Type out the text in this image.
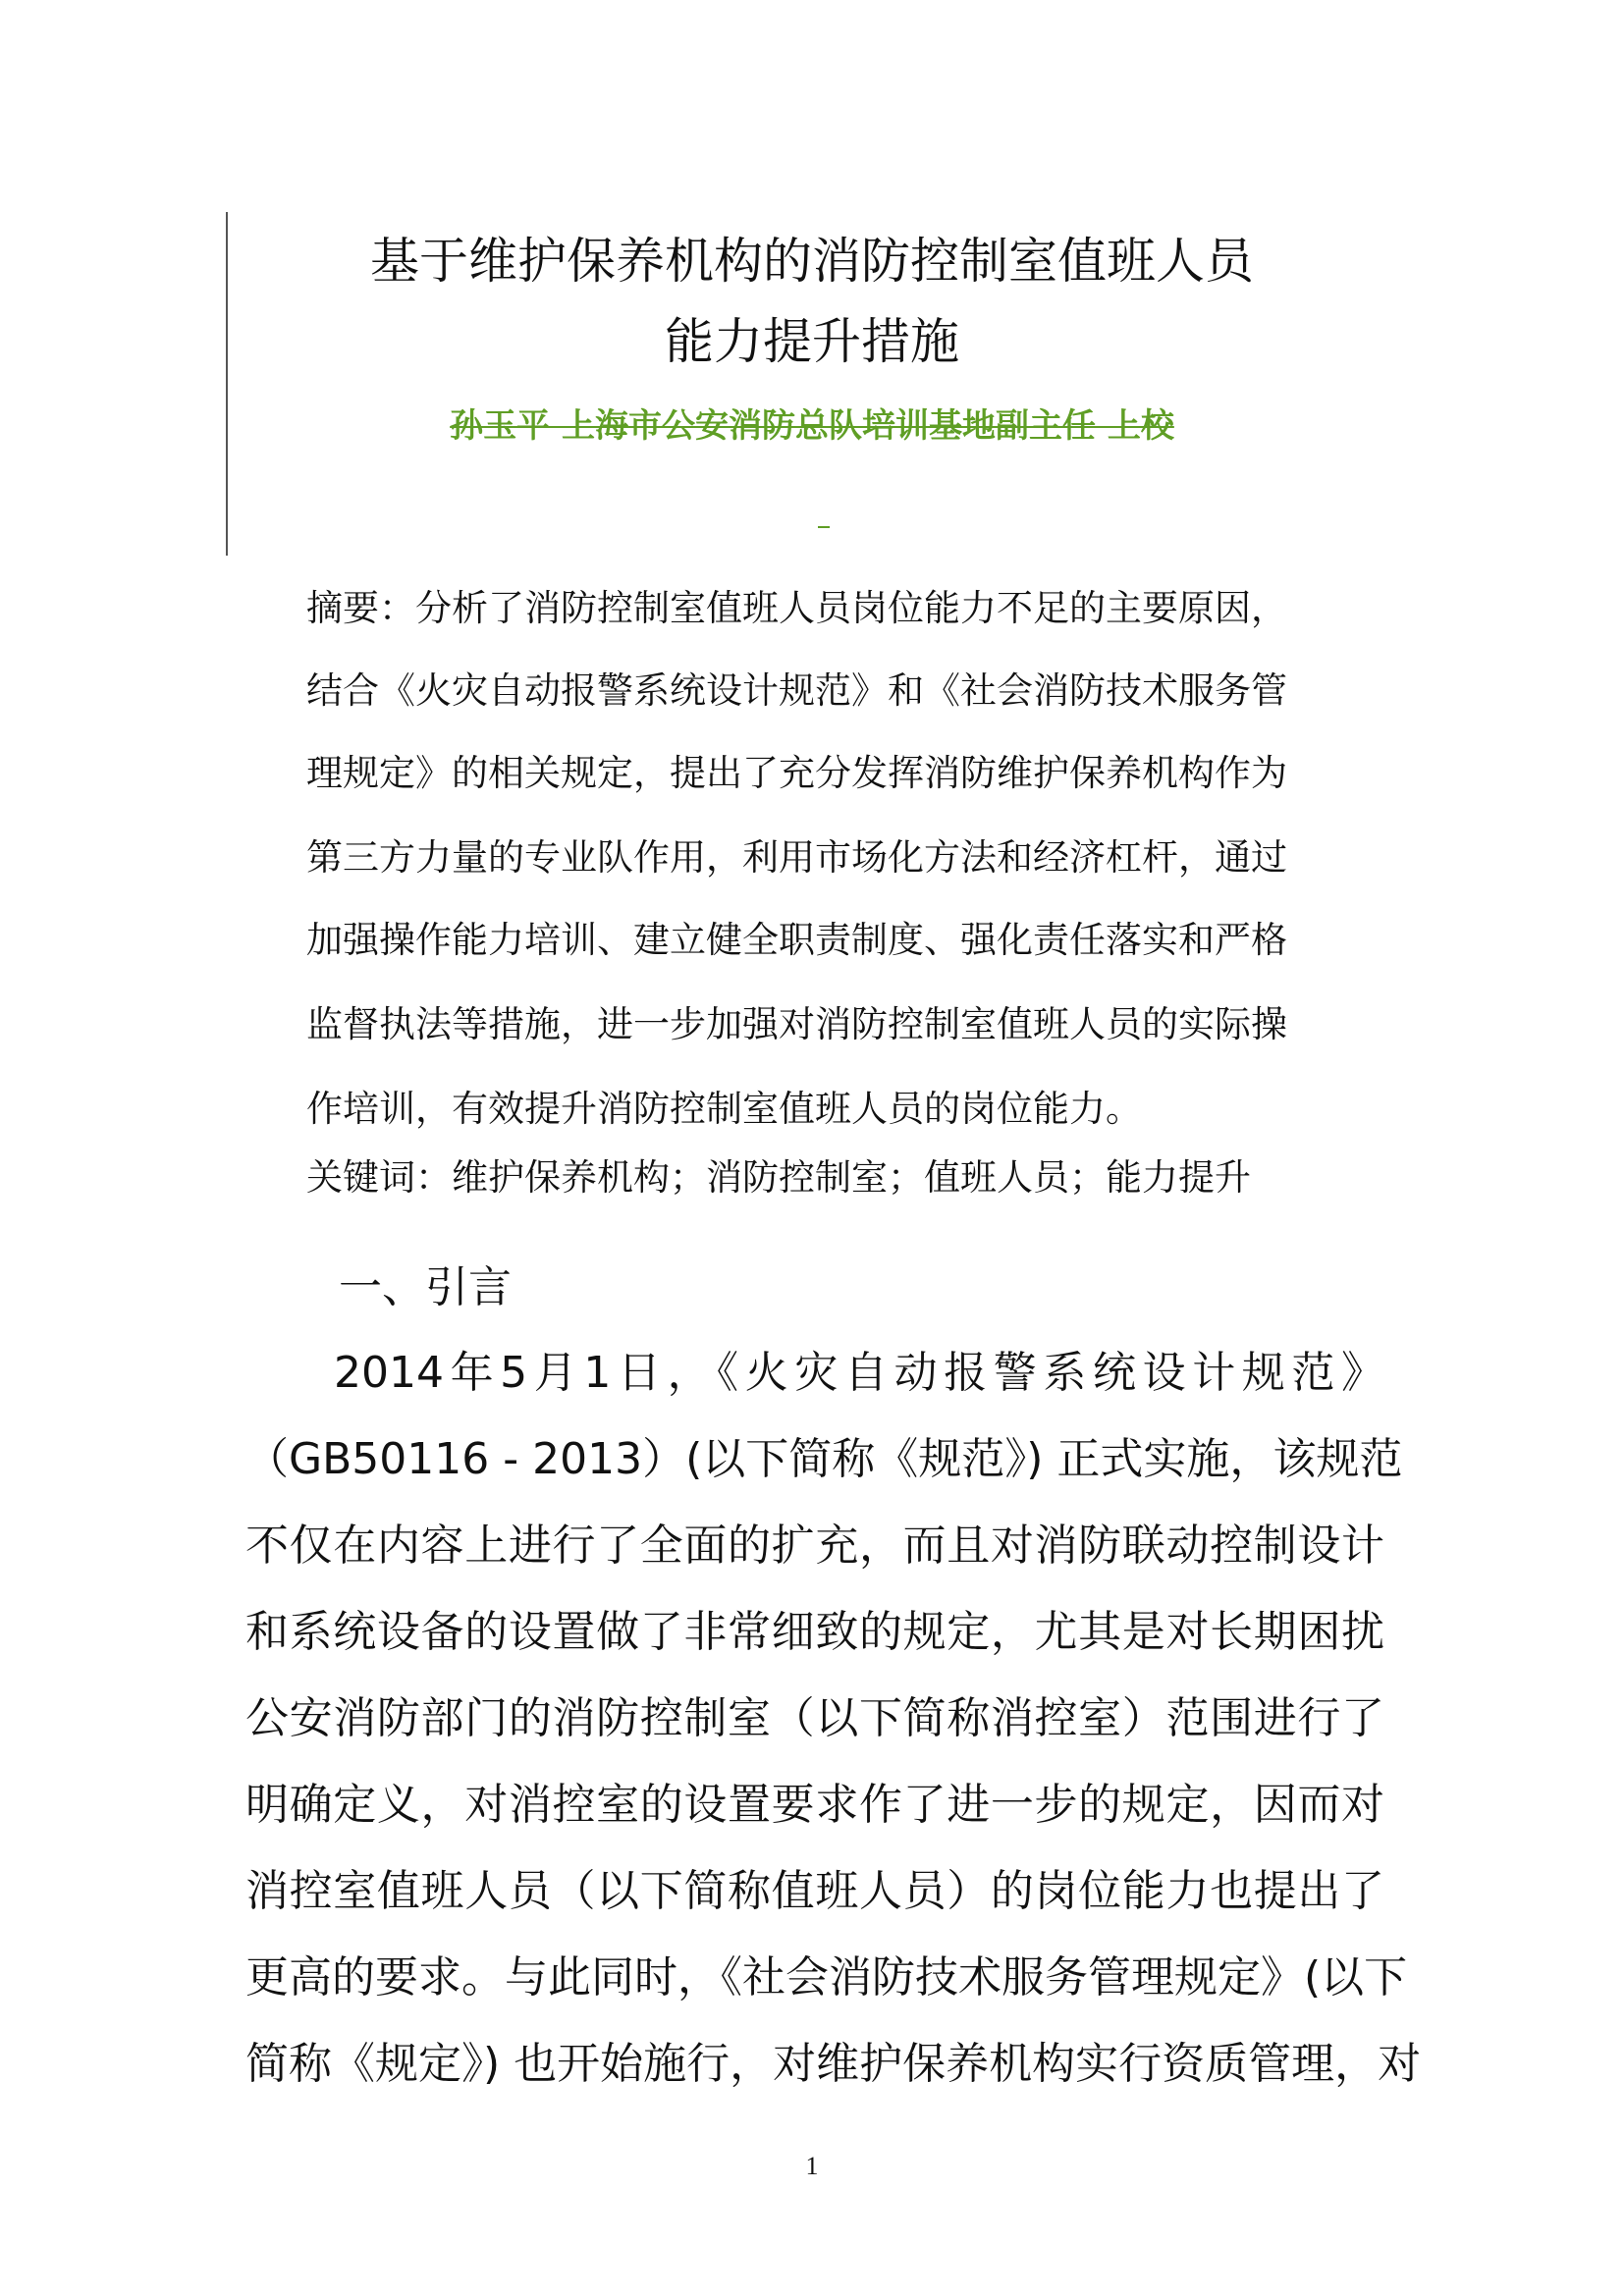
基于维护保养机构的消防控制室值班人员
能力提升措施
孙玉平 上海市公安消防总队培训基地副主任 上校
摘要：分析了消防控制室值班人员岗位能力不足的主要原因，
结合《火灾自动报警系统设计规范》和《社会消防技术服务管
理规定》的相关规定，提出了充分发挥消防维护保养机构作为
第三方力量的专业队作用，利用市场化方法和经济杠杆，通过
加强操作能力培训、建立健全职责制度、强化责任落实和严格
监督执法等措施，进一步加强对消防控制室值班人员的实际操
作培训，有效提升消防控制室值班人员的岗位能力。
关键词：维护保养机构；消防控制室；值班人员；能力提升
一、引言
2014年5月1日，《火灾自动报警系统设计规范》
（GB50116 - 2013）(以下简称《规范》) 正式实施，该规范
不仅在内容上进行了全面的扩充，而且对消防联动控制设计
和系统设备的设置做了非常细致的规定，尤其是对长期困扰
公安消防部门的消防控制室（以下简称消控室）范围进行了
明确定义，对消控室的设置要求作了进一步的规定，因而对
消控室值班人员（以下简称值班人员）的岗位能力也提出了
更高的要求。与此同时，《社会消防技术服务管理规定》(以下
简称《规定》) 也开始施行，对维护保养机构实行资质管理，对
1
